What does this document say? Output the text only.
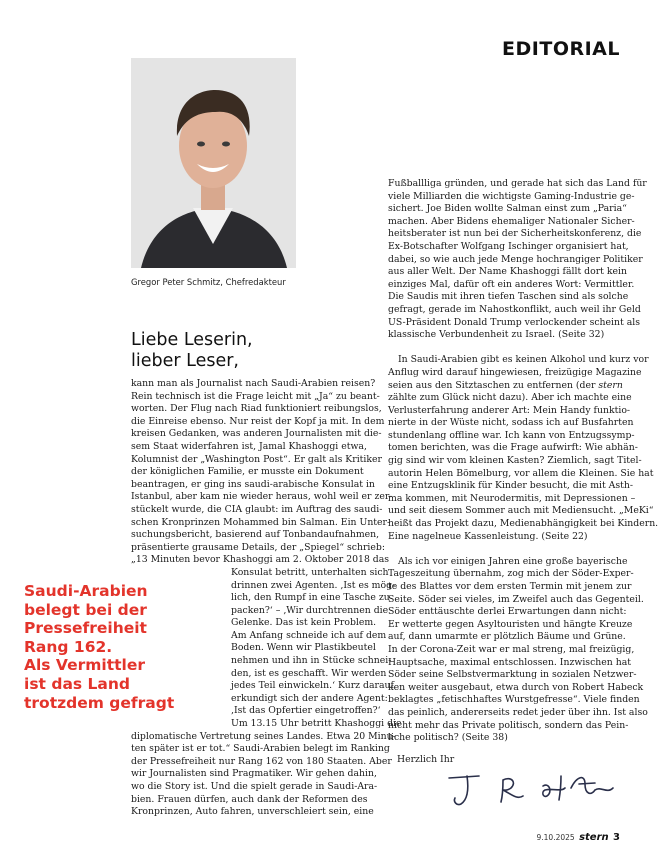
EDITORIAL
Gregor Peter Schmitz, Chefredakteur
Liebe Leserin,
lieber Leser,

kann man als Journalist nach Saudi-Arabien reisen?

Rein technisch ist die Frage leicht mit „Ja“ zu beant-

worten. Der Flug nach Riad funktioniert reibungslos,

die Einreise ebenso. Nur reist der Kopf ja mit. In dem

kreisen Gedanken, was anderen Journalisten mit die-

sem Staat widerfahren ist, Jamal Khashoggi etwa,

Kolumnist der „Washington Post“. Er galt als Kritiker

der königlichen Familie, er musste ein Dokument

beantragen, er ging ins saudi-arabische Konsulat in

Istanbul, aber kam nie wieder heraus, wohl weil er zer-

stückelt wurde, die CIA glaubt: im Auftrag des saudi-

schen Kronprinzen Mohammed bin Salman. Ein Unter-

suchungsbericht, basierend auf Tonbandaufnahmen,

präsentierte grausame Details, der „Spiegel“ schrieb:

„13 Minuten bevor Khashoggi am 2. Oktober 2018 das

Konsulat betritt, unterhalten sich

drinnen zwei Agenten. ‚Ist es mög-

lich, den Rumpf in eine Tasche zu

packen?‘ – ‚Wir durchtrennen die

Gelenke. Das ist kein Problem.

Am Anfang schneide ich auf dem

Boden. Wenn wir Plastikbeutel

nehmen und ihn in Stücke schnei-

den, ist es geschafft. Wir werden

jedes Teil einwickeln.‘ Kurz darauf

erkundigt sich der andere Agent:

‚Ist das Opfertier eingetroffen?‘

Um 13.15 Uhr betritt Khashoggi die

diplomatische Vertretung seines Landes. Etwa 20 Minu-

ten später ist er tot.“ Saudi-Arabien belegt im Ranking

der Pressefreiheit nur Rang 162 von 180 Staaten. Aber

wir Journalisten sind Pragmatiker. Wir gehen dahin,

wo die Story ist. Und die spielt gerade in Saudi-Ara-

bien. Frauen dürfen, auch dank der Reformen des

Kronprinzen, Auto fahren, unverschleiert sein, eine

Saudi-Arabien
belegt bei der
Pressefreiheit
Rang 162.
Als Vermittler
ist das Land
trotzdem gefragt

Fußballliga gründen, und gerade hat sich das Land für

viele Milliarden die wichtigste Gaming-Industrie ge-

sichert. Joe Biden wollte Salman einst zum „Paria“

machen. Aber Bidens ehemaliger Nationaler Sicher-

heitsberater ist nun bei der Sicherheitskonferenz, die

Ex-Botschafter Wolfgang Ischinger organisiert hat,

dabei, so wie auch jede Menge hochrangiger Politiker

aus aller Welt. Der Name Khashoggi fällt dort kein

einziges Mal, dafür oft ein anderes Wort: Vermittler.

Die Saudis mit ihren tiefen Taschen sind als solche

gefragt, gerade im Nahostkonflikt, auch weil ihr Geld

US-Präsident Donald Trump verlockender scheint als

klassische Verbundenheit zu Israel. (Seite 32)

In Saudi-Arabien gibt es keinen Alkohol und kurz vor

Anflug wird darauf hingewiesen, freizügige Magazine

seien aus den Sitztaschen zu entfernen (der stern

zählte zum Glück nicht dazu). Aber ich machte eine

Verlusterfahrung anderer Art: Mein Handy funktio-

nierte in der Wüste nicht, sodass ich auf Busfahrten

stundenlang offline war. Ich kann von Entzugssymp-

tomen berichten, was die Frage aufwirft: Wie abhän-

gig sind wir vom kleinen Kasten? Ziemlich, sagt Titel-

autorin Helen Bömelburg, vor allem die Kleinen. Sie hat

eine Entzugsklinik für Kinder besucht, die mit Asth-

ma kommen, mit Neurodermitis, mit Depressionen –

und seit diesem Sommer auch mit Mediensucht. „MeKi“

heißt das Projekt dazu, Medienabhängigkeit bei Kindern.

Eine nagelneue Kassenleistung. (Seite 22)

Als ich vor einigen Jahren eine große bayerische

Tageszeitung übernahm, zog mich der Söder-Exper-

te des Blattes vor dem ersten Termin mit jenem zur

Seite. Söder sei vieles, im Zweifel auch das Gegenteil.

Söder enttäuschte derlei Erwartungen dann nicht:

Er wetterte gegen Asyltouristen und hängte Kreuze

auf, dann umarmte er plötzlich Bäume und Grüne.

In der Corona-Zeit war er mal streng, mal freizügig,

Hauptsache, maximal entschlossen. Inzwischen hat

Söder seine Selbstvermarktung in sozialen Netzwer-

ken weiter ausgebaut, etwa durch von Robert Habeck

beklagtes „fetischhaftes Wurstgefresse“. Viele finden

das peinlich, andererseits redet jeder über ihn. Ist also

nicht mehr das Private politisch, sondern das Pein-

liche politisch? (Seite 38)

Herzlich Ihr
9.10.2025 stern 3
